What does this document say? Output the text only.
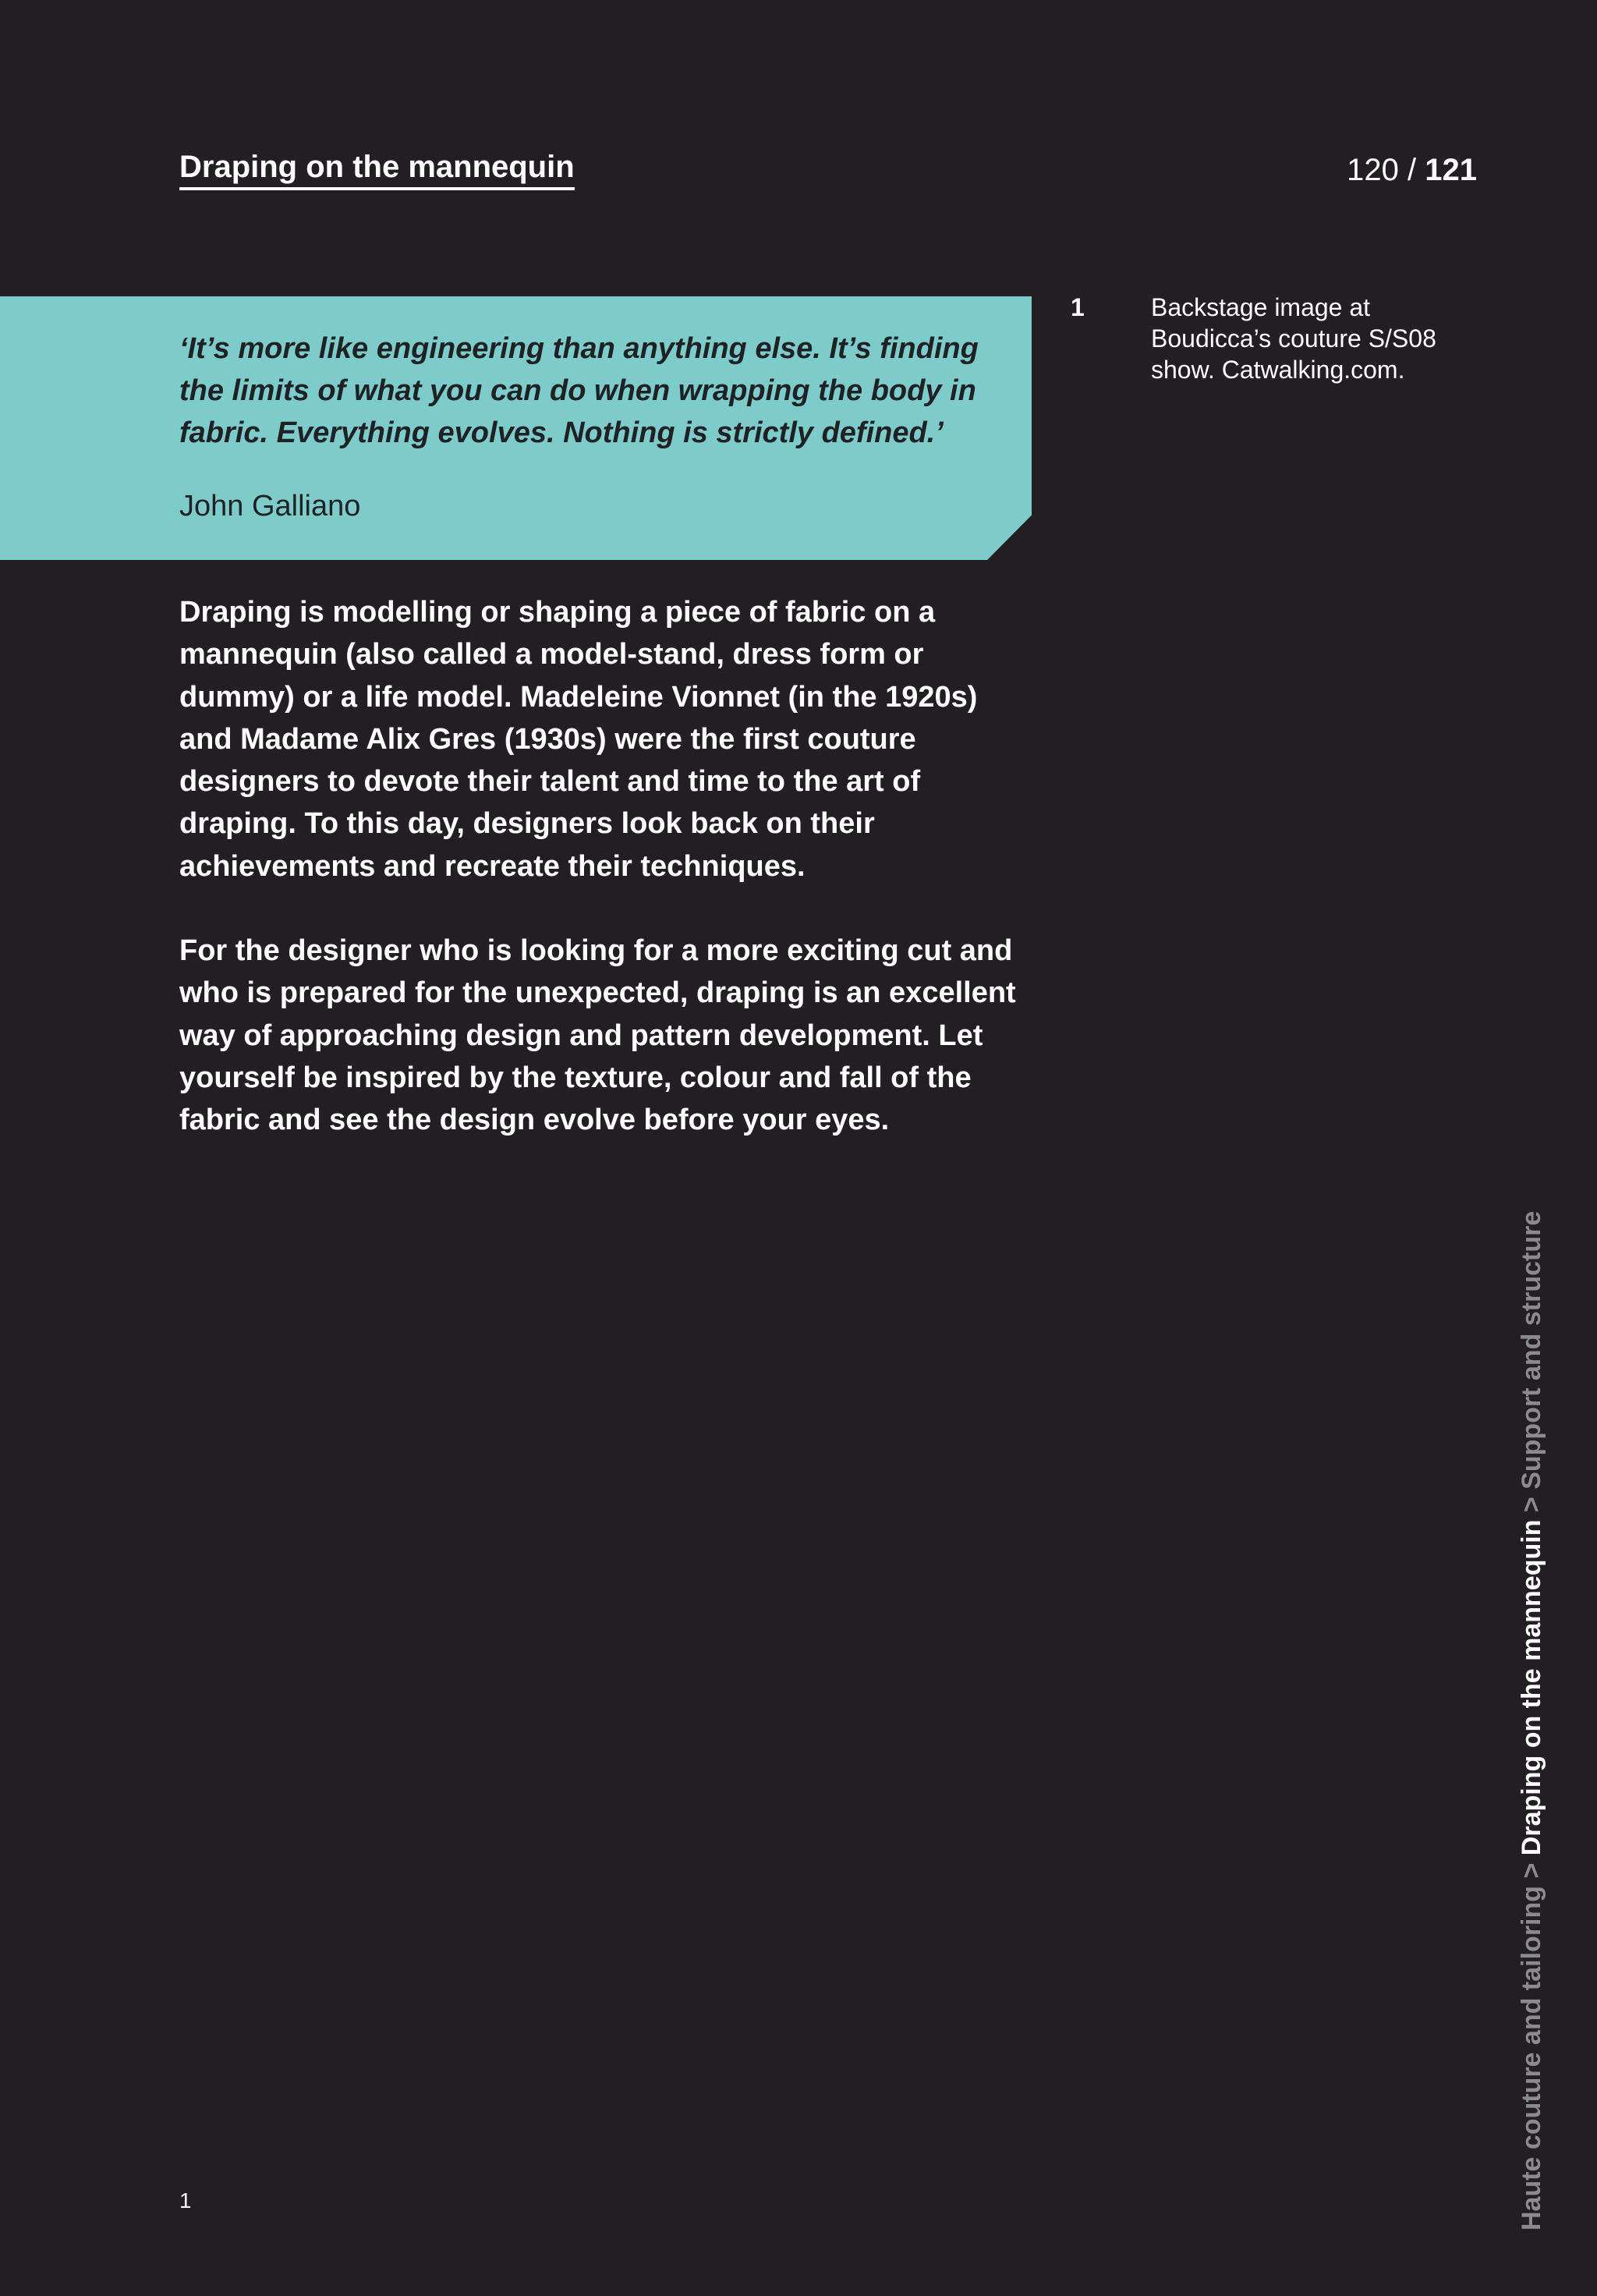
Draping on the mannequin	120 / 121
‘It’s more like engineering than anything else. It’s finding the limits of what you can do when wrapping the body in fabric. Everything evolves. Nothing is strictly defined.’
John Galliano

Draping is modelling or shaping a piece of fabric on a mannequin (also called a model-stand, dress form or dummy) or a life model. Madeleine Vionnet (in the 1920s) and Madame Alix Gres (1930s) were the first couture designers to devote their talent and time to the art of draping. To this day, designers look back on their achievements and recreate their techniques.

For the designer who is looking for a more exciting cut and who is prepared for the unexpected, draping is an excellent way of approaching design and pattern development. Let yourself be inspired by the texture, colour and fall of the fabric and see the design evolve before your eyes.

1	Backstage image at Boudicca’s couture S/S08 show. Catwalking.com.
1	Haute couture and tailoring > Draping on the mannequin > Support and structure
